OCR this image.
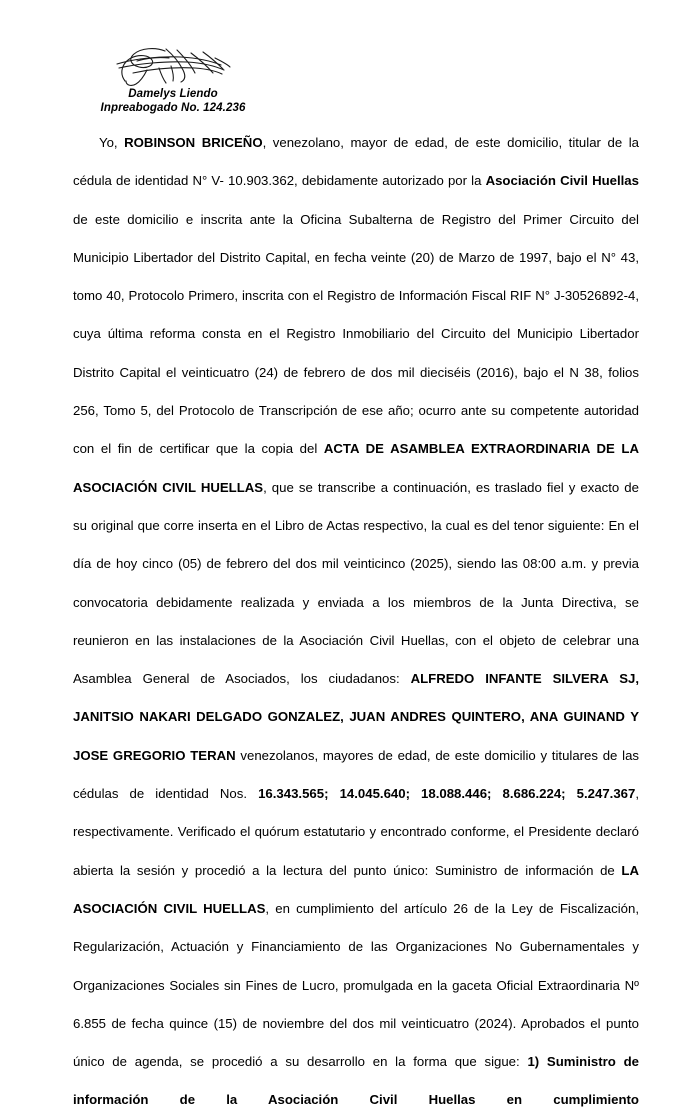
Damelys Liendo
Inpreabogado No. 124.236

Yo, ROBINSON BRICEÑO, venezolano, mayor de edad, de este domicilio, titular de la cédula de identidad N° V- 10.903.362, debidamente autorizado por la Asociación Civil Huellas de este domicilio e inscrita ante la Oficina Subalterna de Registro del Primer Circuito del Municipio Libertador del Distrito Capital, en fecha veinte (20) de Marzo de 1997, bajo el N° 43, tomo 40, Protocolo Primero, inscrita con el Registro de Información Fiscal RIF N° J-30526892-4, cuya última reforma consta en el Registro Inmobiliario del Circuito del Municipio Libertador Distrito Capital el veinticuatro (24) de febrero de dos mil dieciséis (2016), bajo el N 38, folios 256, Tomo 5, del Protocolo de Transcripción de ese año; ocurro ante su competente autoridad con el fin de certificar que la copia del ACTA DE ASAMBLEA EXTRAORDINARIA DE LA ASOCIACIÓN CIVIL HUELLAS, que se transcribe a continuación, es traslado fiel y exacto de su original que corre inserta en el Libro de Actas respectivo, la cual es del tenor siguiente: En el día de hoy cinco (05) de febrero del dos mil veinticinco (2025), siendo las 08:00 a.m. y previa convocatoria debidamente realizada y enviada a los miembros de la Junta Directiva, se reunieron en las instalaciones de la Asociación Civil Huellas, con el objeto de celebrar una Asamblea General de Asociados, los ciudadanos: ALFREDO INFANTE SILVERA SJ, JANITSIO NAKARI DELGADO GONZALEZ, JUAN ANDRES QUINTERO, ANA GUINAND Y JOSE GREGORIO TERAN venezolanos, mayores de edad, de este domicilio y titulares de las cédulas de identidad Nos. 16.343.565; 14.045.640; 18.088.446; 8.686.224; 5.247.367, respectivamente. Verificado el quórum estatutario y encontrado conforme, el Presidente declaró abierta la sesión y procedió a la lectura del punto único: Suministro de información de LA ASOCIACIÓN CIVIL HUELLAS, en cumplimiento del artículo 26 de la Ley de Fiscalización, Regularización, Actuación y Financiamiento de las Organizaciones No Gubernamentales y Organizaciones Sociales sin Fines de Lucro, promulgada en la gaceta Oficial Extraordinaria Nº 6.855 de fecha quince (15) de noviembre del dos mil veinticuatro (2024). Aprobados el punto único de agenda, se procedió a su desarrollo en la forma que sigue: 1) Suministro de información de la Asociación Civil Huellas en cumplimiento
